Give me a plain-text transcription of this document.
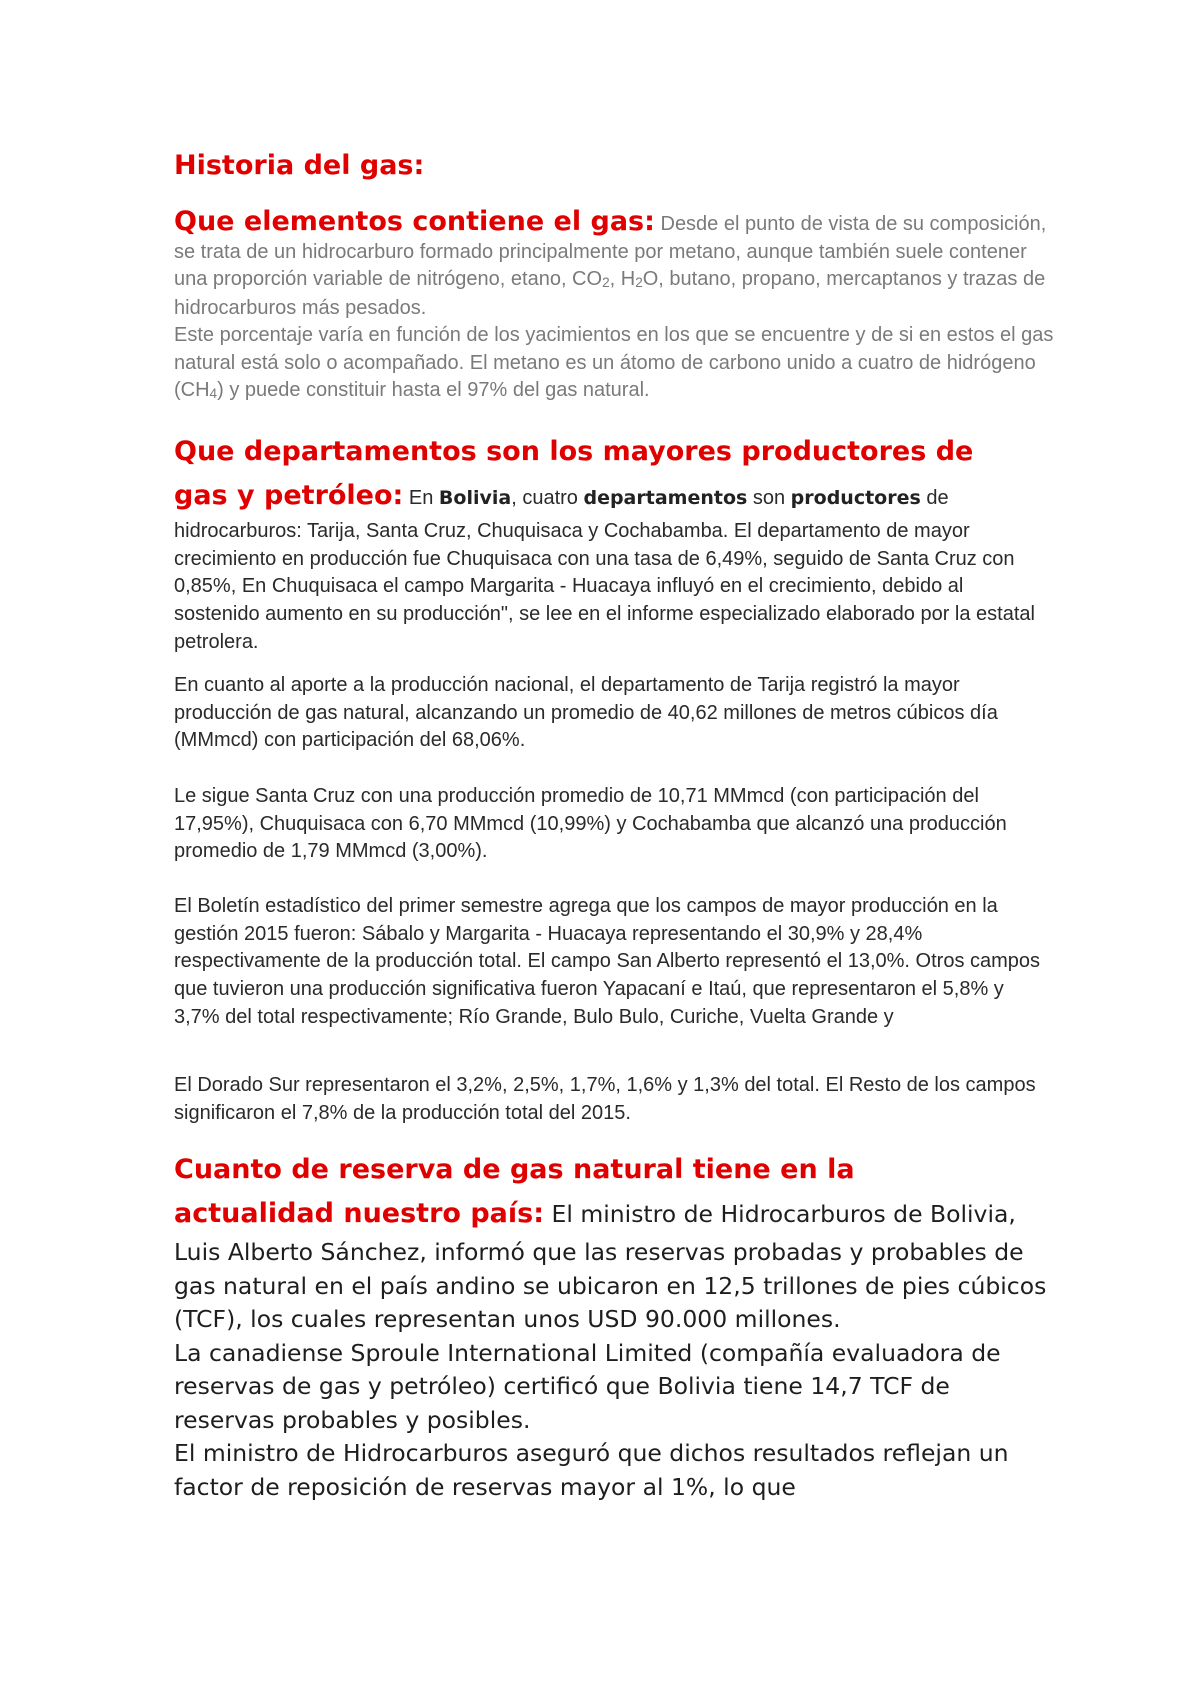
Historia del gas:

Que elementos contiene el gas: Desde el punto de vista de su composición, se trata de un hidrocarburo formado principalmente por metano, aunque también suele contener una proporción variable de nitrógeno, etano, CO2, H2O, butano, propano, mercaptanos y trazas de hidrocarburos más pesados.
Este porcentaje varía en función de los yacimientos en los que se encuentre y de si en estos el gas natural está solo o acompañado. El metano es un átomo de carbono unido a cuatro de hidrógeno (CH4) y puede constituir hasta el 97% del gas natural.

Que departamentos son los mayores productores de

gas y petróleo: En Bolivia, cuatro departamentos son productores de hidrocarburos: Tarija, Santa Cruz, Chuquisaca y Cochabamba. El departamento de mayor crecimiento en producción fue Chuquisaca con una tasa de 6,49%, seguido de Santa Cruz con 0,85%, En Chuquisaca el campo Margarita - Huacaya influyó en el crecimiento, debido al sostenido aumento en su producción", se lee en el informe especializado elaborado por la estatal petrolera.

En cuanto al aporte a la producción nacional, el departamento de Tarija registró la mayor producción de gas natural, alcanzando un promedio de 40,62 millones de metros cúbicos día (MMmcd) con participación del 68,06%.

Le sigue Santa Cruz con una producción promedio de 10,71 MMmcd (con participación del 17,95%), Chuquisaca con 6,70 MMmcd (10,99%) y Cochabamba que alcanzó una producción promedio de 1,79 MMmcd (3,00%).

El Boletín estadístico del primer semestre agrega que los campos de mayor producción en la gestión 2015 fueron: Sábalo y Margarita - Huacaya representando el 30,9% y 28,4% respectivamente de la producción total. El campo San Alberto representó el 13,0%. Otros campos que tuvieron una producción significativa fueron Yapacaní e Itaú, que representaron el 5,8% y 3,7% del total respectivamente; Río Grande, Bulo Bulo, Curiche, Vuelta Grande y

El Dorado Sur representaron el 3,2%, 2,5%, 1,7%, 1,6% y 1,3% del total. El Resto de los campos significaron el 7,8% de la producción total del 2015.

Cuanto de reserva de gas natural tiene en la

actualidad nuestro país: El ministro de Hidrocarburos de Bolivia, Luis Alberto Sánchez, informó que las reservas probadas y probables de gas natural en el país andino se ubicaron en 12,5 trillones de pies cúbicos (TCF), los cuales representan unos USD 90.000 millones.
La canadiense Sproule International Limited (compañía evaluadora de reservas de gas y petróleo) certificó que Bolivia tiene 14,7 TCF de reservas probables y posibles.
El ministro de Hidrocarburos aseguró que dichos resultados reflejan un factor de reposición de reservas mayor al 1%, lo que
